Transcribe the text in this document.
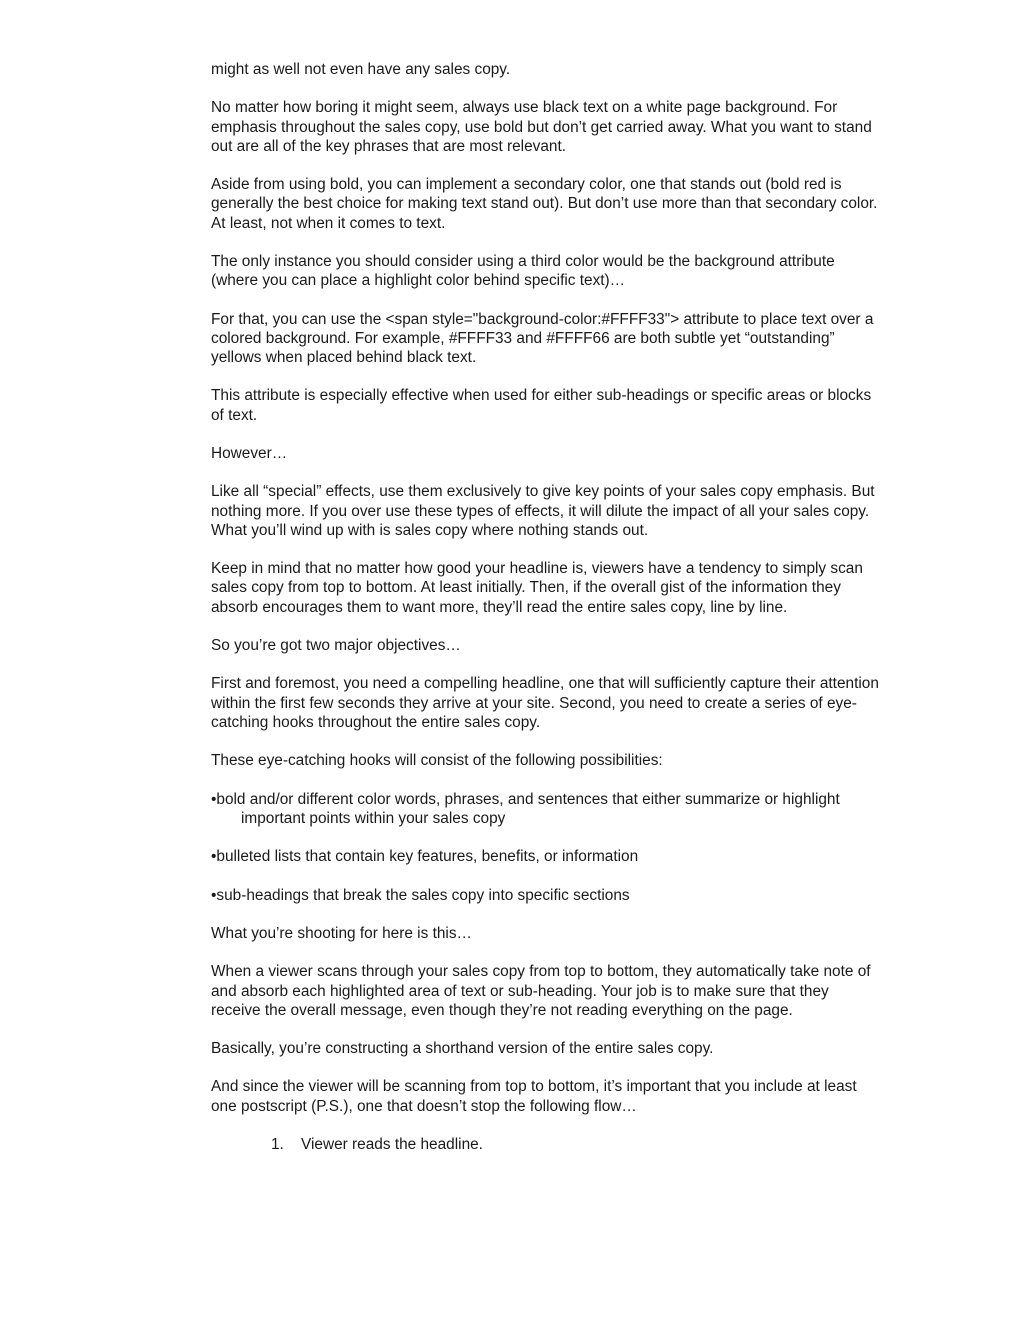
might as well not even have any sales copy.

No matter how boring it might seem, always use black text on a white page background. For emphasis throughout the sales copy, use bold but don’t get carried away. What you want to stand out are all of the key phrases that are most relevant.

Aside from using bold, you can implement a secondary color, one that stands out (bold red is generally the best choice for making text stand out). But don’t use more than that secondary color. At least, not when it comes to text.

The only instance you should consider using a third color would be the background attribute (where you can place a highlight color behind specific text)…

For that, you can use the <span style="background-color:#FFFF33"> attribute to place text over a colored background. For example, #FFFF33 and #FFFF66 are both subtle yet “outstanding” yellows when placed behind black text.

This attribute is especially effective when used for either sub-headings or specific areas or blocks of text.

However…

Like all “special” effects, use them exclusively to give key points of your sales copy emphasis. But nothing more. If you over use these types of effects, it will dilute the impact of all your sales copy. What you’ll wind up with is sales copy where nothing stands out.

Keep in mind that no matter how good your headline is, viewers have a tendency to simply scan sales copy from top to bottom. At least initially. Then, if the overall gist of the information they absorb encourages them to want more, they’ll read the entire sales copy, line by line.

So you’re got two major objectives…

First and foremost, you need a compelling headline, one that will sufficiently capture their attention within the first few seconds they arrive at your site. Second, you need to create a series of eye-catching hooks throughout the entire sales copy.

These eye-catching hooks will consist of the following possibilities:

•bold and/or different color words, phrases, and sentences that either summarize or highlight important points within your sales copy

•bulleted lists that contain key features, benefits, or information

•sub-headings that break the sales copy into specific sections

What you’re shooting for here is this…

When a viewer scans through your sales copy from top to bottom, they automatically take note of and absorb each highlighted area of text or sub-heading. Your job is to make sure that they receive the overall message, even though they’re not reading everything on the page.

Basically, you’re constructing a shorthand version of the entire sales copy.

And since the viewer will be scanning from top to bottom, it’s important that you include at least one postscript (P.S.), one that doesn’t stop the following flow…

1. Viewer reads the headline.
